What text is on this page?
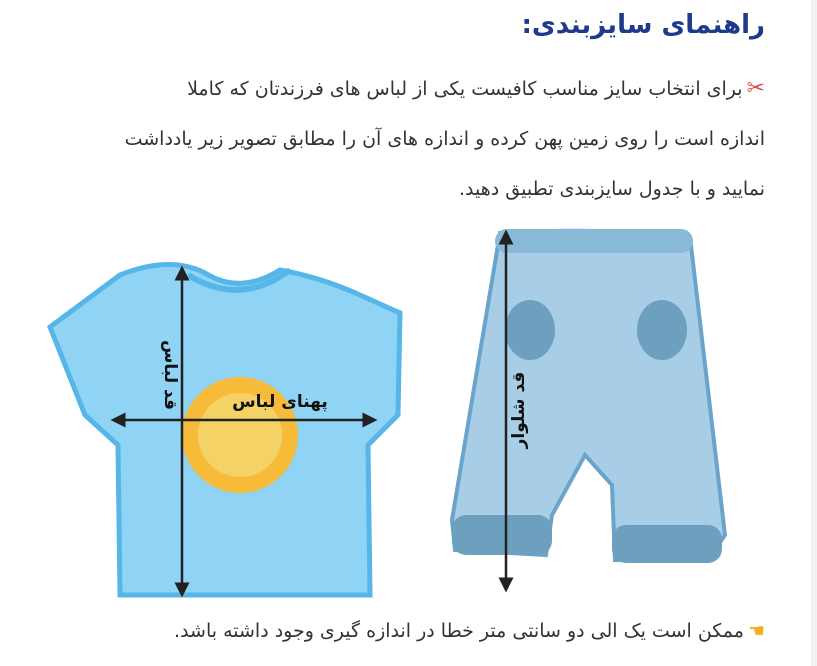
راهنمای سایزبندی:
✂برای انتخاب سایز مناسب کافیست یکی از لباس های فرزندتان که کاملا
اندازه است را روی زمین پهن کرده و اندازه های آن را مطابق تصویر زیر یادداشت
نمایید و با جدول سایزبندی تطبیق دهید.
قد لباس	پهنای لباس	قد شلوار
☚ممکن است یک الی دو سانتی متر خطا در اندازه گیری وجود داشته باشد.
